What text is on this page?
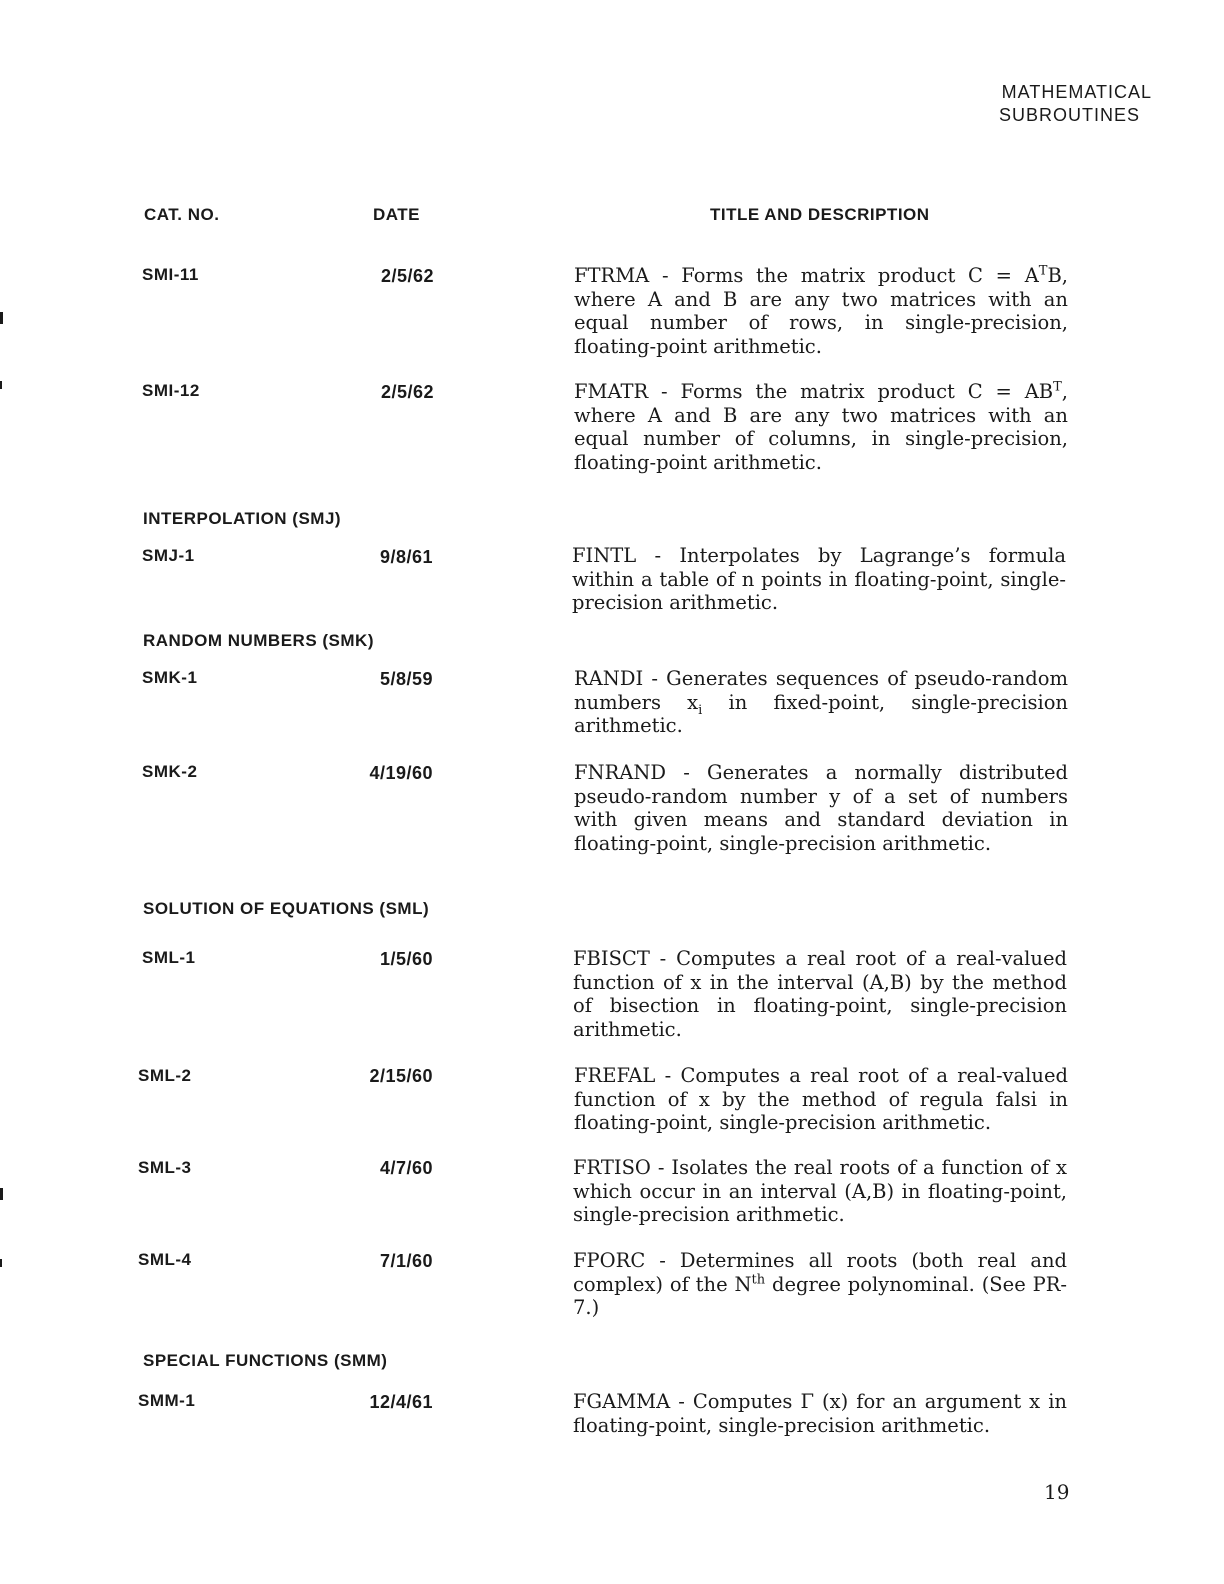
MATHEMATICAL
SUBROUTINES
CAT. NO.	DATE	TITLE AND DESCRIPTION
SMI-11	2/5/62	FTRMA - Forms the matrix product $C = A^TB$, where A and B are any two matrices with an equal number of rows, in single-precision, floating-point arithmetic.
SMI-12	2/5/62	FMATR - Forms the matrix product $C = AB^T$, where A and B are any two matrices with an equal number of columns, in single-precision, floating-point arithmetic.
INTERPOLATION (SMJ)
SMJ-1	9/8/61	FINTL - Interpolates by Lagrange’s formula within a table of n points in floating-point, single-precision arithmetic.
RANDOM NUMBERS (SMK)
SMK-1	5/8/59	RANDI - Generates sequences of pseudo-random numbers $x_i$ in fixed-point, single-precision arithmetic.
SMK-2	4/19/60	FNRAND - Generates a normally distributed pseudo-random number y of a set of numbers with given means and standard deviation in floating-point, single-precision arithmetic.
SOLUTION OF EQUATIONS (SML)
SML-1	1/5/60	FBISCT - Computes a real root of a real-valued function of x in the interval (A,B) by the method of bisection in floating-point, single-precision arithmetic.
SML-2	2/15/60	FREFAL - Computes a real root of a real-valued function of x by the method of regula falsi in floating-point, single-precision arithmetic.
SML-3	4/7/60	FRTISO - Isolates the real roots of a function of x which occur in an interval (A,B) in floating-point, single-precision arithmetic.
SML-4	7/1/60	FPORC - Determines all roots (both real and complex) of the $N^{th}$ degree polynominal. (See PR-7.)
SPECIAL FUNCTIONS (SMM)
SMM-1	12/4/61	FGAMMA - Computes Γ (x) for an argument x in floating-point, single-precision arithmetic.
19
